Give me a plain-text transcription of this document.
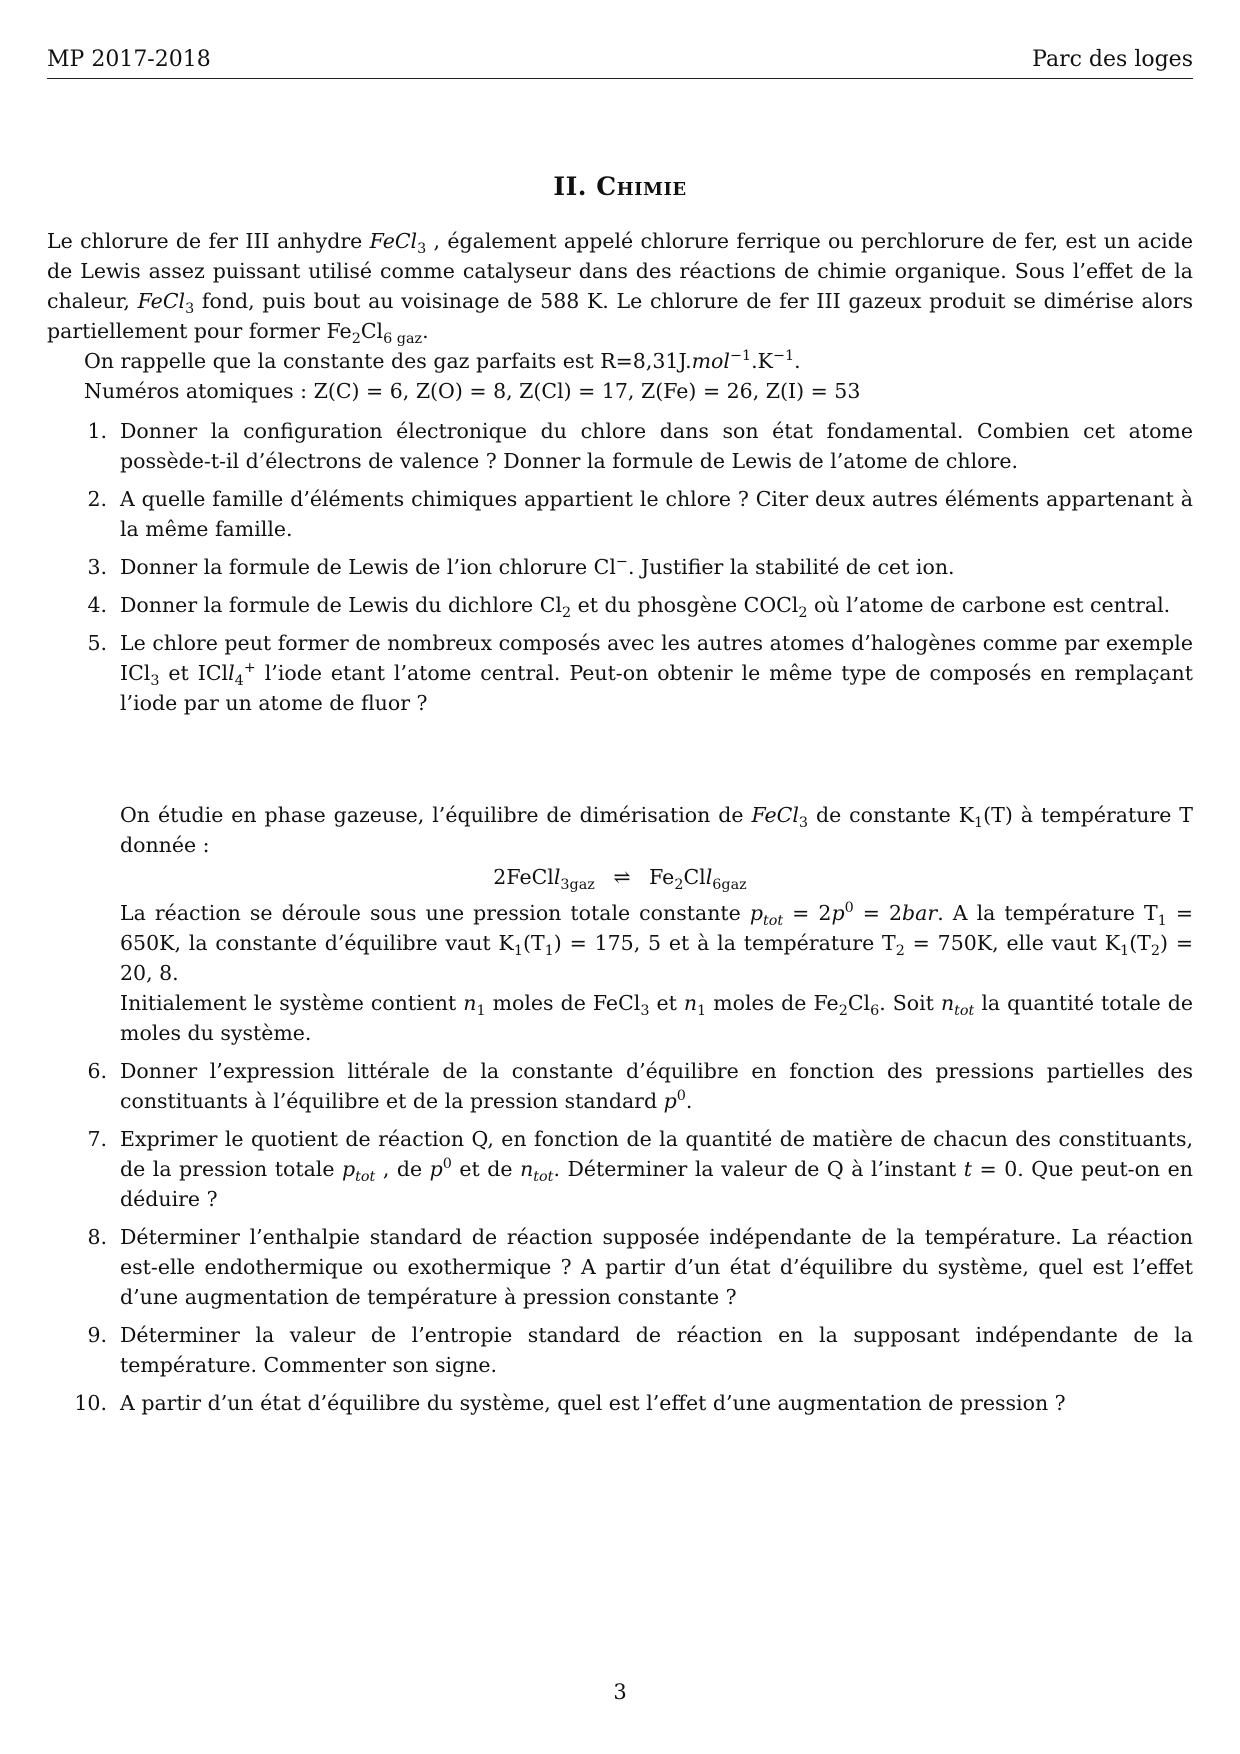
MP 2017-2018	Parc des loges
II. Chimie
Le chlorure de fer III anhydre FeCl$_3$ , également appelé chlorure ferrique ou perchlorure de fer, est un acide de Lewis assez puissant utilisé comme catalyseur dans des réactions de chimie organique. Sous l’effet de la chaleur, FeCl$_3$ fond, puis bout au voisinage de 588 K. Le chlorure de fer III gazeux produit se dimérise alors partiellement pour former $Fe_2Cl_{6 gaz}$.
On rappelle que la constante des gaz parfaits est $R=8,31J.mol^{-1}.K^{-1}$.
Numéros atomiques : Z(C) = 6, Z(O) = 8, Z(Cl) = 17, Z(Fe) = 26, Z(I) = 53
1. Donner la configuration électronique du chlore dans son état fondamental. Combien cet atome possède-t-il d’électrons de valence ? Donner la formule de Lewis de l’atome de chlore.
2. A quelle famille d’éléments chimiques appartient le chlore ? Citer deux autres éléments appartenant à la même famille.
3. Donner la formule de Lewis de l’ion chlorure Cl−. Justifier la stabilité de cet ion.
4. Donner la formule de Lewis du dichlore $Cl_2$ et du phosgène COCl$_2$ où l’atome de carbone est central.
5. Le chlore peut former de nombreux composés avec les autres atomes d’halogènes comme par exemple ICl$_3$ et ICll$_4$+ l’iode etant l’atome central. Peut-on obtenir le même type de composés en remplaçant l’iode par un atome de fluor ?
On étudie en phase gazeuse, l’équilibre de dimérisation de FeCl$_3$ de constante $K_1(T)$ à température T donnée :
2FeCll$_{3gaz}$ ⇌ $Fe_2Cll_{6gaz}$
La réaction se déroule sous une pression totale constante $p_{tot} = 2p^0 = 2bar$. A la température $T_1 = 650K$, la constante d’équilibre vaut $K_1(T_1) = 175$, 5 et à la température $T_2 = 750K$, elle vaut $K_1(T_2) = 20$, 8.
Initialement le système contient $n_1$ moles de FeCl$_3$ et $n_1$ moles de $Fe_2Cl_6$. Soit $n_{tot}$ la quantité totale de moles du système.
6. Donner l’expression littérale de la constante d’équilibre en fonction des pressions partielles des constituants à l’équilibre et de la pression standard $p^0$.
7. Exprimer le quotient de réaction Q, en fonction de la quantité de matière de chacun des constituants, de la pression totale $p_{tot}$ , de $p^0$ et de $n_{tot}$. Déterminer la valeur de Q à l’instant t = 0. Que peut-on en déduire ?
8. Déterminer l’enthalpie standard de réaction supposée indépendante de la température. La réaction est-elle endothermique ou exothermique ? A partir d’un état d’équilibre du système, quel est l’effet d’une augmentation de température à pression constante ?
9. Déterminer la valeur de l’entropie standard de réaction en la supposant indépendante de la température. Commenter son signe.
10. A partir d’un état d’équilibre du système, quel est l’effet d’une augmentation de pression ?
3
